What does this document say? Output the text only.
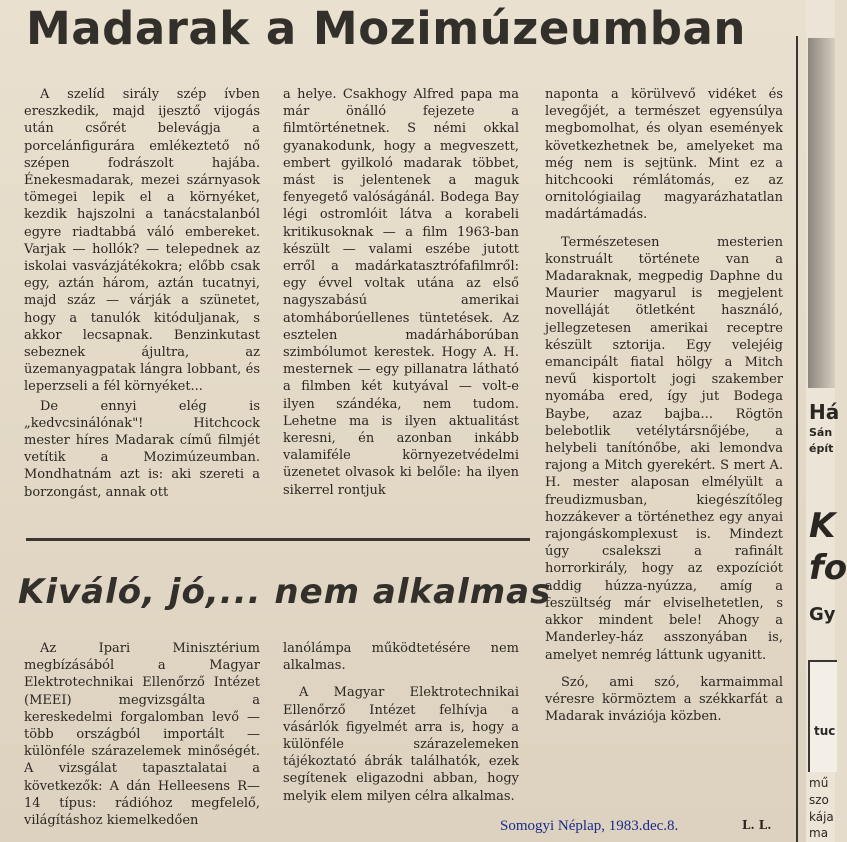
Há
Sán
épít
K
fo
Gy
tuc
mű
szo
kája
ma
Madarak a Mozimúzeumban

A szelíd sirály szép ívben ereszkedik, majd ijesztő vijogás után csőrét belevágja a porcelánfigurára emlékeztető nő szépen fodrászolt hajába. Énekesmadarak, mezei szárnyasok tömegei lepik el a környéket, kezdik hajszolni a tanácstalanból egyre riadtabbá váló embereket. Varjak — hollók? — telepednek az iskolai vasvázjátékokra; előbb csak egy, aztán három, aztán tucatnyi, majd száz — várják a szünetet, hogy a tanulók kitóduljanak, s akkor lecsapnak. Benzinkutast sebeznek ájultra, az üzemanyagpatak lángra lobbant, és leperzseli a fél környéket...

De ennyi elég is „kedvcsinálónak"! Hitchcock mester híres Madarak című filmjét vetítik a Mozimúzeumban. Mondhatnám azt is: aki szereti a borzongást, annak ott

a helye. Csakhogy Alfred papa ma már önálló fejezete a filmtörténetnek. S némi okkal gyanakodunk, hogy a megveszett, embert gyilkoló madarak többet, mást is jelentenek a maguk fenyegető valóságánál. Bodega Bay légi ostromlóit látva a korabeli kritikusoknak — a film 1963-ban készült — valami eszébe jutott erről a madárkatasztrófafilmről: egy évvel voltak utána az első nagyszabású amerikai atomháborúellenes tüntetések. Az esztelen madárháborúban szimbólumot kerestek. Hogy A. H. mesternek — egy pillanatra látható a filmben két kutyával — volt-e ilyen szándéka, nem tudom. Lehetne ma is ilyen aktualitást keresni, én azonban inkább valamiféle környezetvédelmi üzenetet olvasok ki belőle: ha ilyen sikerrel rontjuk

naponta a körülvevő vidéket és levegőjét, a természet egyensúlya megbomolhat, és olyan események következhetnek be, amelyeket ma még nem is sejtünk. Mint ez a hitchcooki rémlátomás, ez az ornitológiailag magyarázhatatlan madártámadás.

Természetesen mesterien konstruált története van a Madaraknak, megpedig Daphne du Maurier magyarul is megjelent novelláját ötletként használó, jellegzetesen amerikai receptre készült sztorija. Egy velejéig emancipált fiatal hölgy a Mitch nevű kisportolt jogi szakember nyomába ered, így jut Bodega Baybe, azaz bajba... Rögtön belebotlik vetélytársnőjébe, a helybeli tanítónőbe, aki lemondva rajong a Mitch gyerekért. S mert A. H. mester alaposan elmélyült a freudizmusban, kiegészítőleg hozzákever a történethez egy anyai rajongáskomplexust is. Mindezt úgy csalekszi a rafinált horrorkirály, hogy az expozíciót addig húzza-nyúzza, amíg a feszültség már elviselhetetlen, s akkor mindent bele! Ahogy a Manderley-ház asszonyában is, amelyet nemrég láttunk ugyanitt.

Szó, ami szó, karmaimmal véresre körmöztem a székkarfát a Madarak inváziója közben.

Kiváló, jó,... nem alkalmas

Az Ipari Minisztérium megbízásából a Magyar Elektrotechnikai Ellenőrző Intézet (MEEI) megvizsgálta a kereskedelmi forgalomban levő — több országból importált — különféle szárazelemek minőségét. A vizsgálat tapasztalatai a következők: A dán Helleesens R—14 típus: rádióhoz megfelelő, világításhoz kiemelkedően

lanólámpa működtetésére nem alkalmas.

A Magyar Elektrotechnikai Ellenőrző Intézet felhívja a vásárlók figyelmét arra is, hogy a különféle szárazelemeken tájékoztató ábrák találhatók, ezek segítenek eligazodni abban, hogy melyik elem milyen célra alkalmas.

Somogyi Néplap, 1983.dec.8.	L. L.
